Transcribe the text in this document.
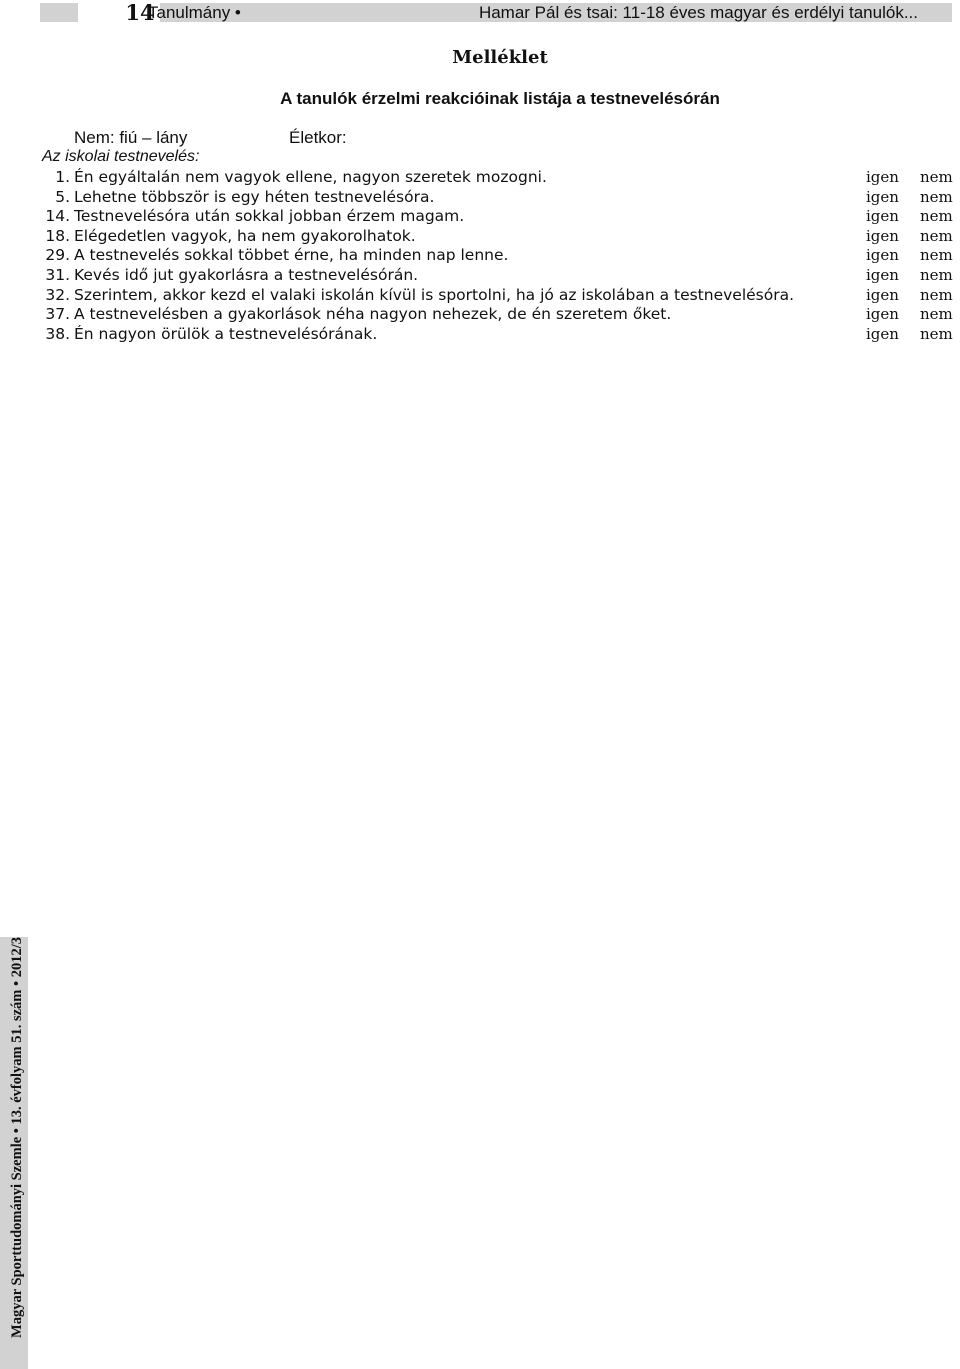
14
Tanulmány •	Hamar Pál és tsai: 11-18 éves magyar és erdélyi tanulók...
Melléklet
A tanulók érzelmi reakcióinak listája a testnevelésórán
Nem: fiú – lány	Életkor:
Az iskolai testnevelés:
1. Én egyáltalán nem vagyok ellene, nagyon szeretek mozogni.	igen nem
5. Lehetne többször is egy héten testnevelésóra.	igen nem
14. Testnevelésóra után sokkal jobban érzem magam.	igen nem
18. Elégedetlen vagyok, ha nem gyakorolhatok.	igen nem
29. A testnevelés sokkal többet érne, ha minden nap lenne.	igen nem
31. Kevés idő jut gyakorlásra a testnevelésórán.	igen nem
32. Szerintem, akkor kezd el valaki iskolán kívül is sportolni, ha jó az iskolában a testnevelésóra.	igen nem
37. A testnevelésben a gyakorlások néha nagyon nehezek, de én szeretem őket.	igen nem
38. Én nagyon örülök a testnevelésórának.	igen nem
Magyar Sporttudományi Szemle • 13. évfolyam 51. szám • 2012/3
